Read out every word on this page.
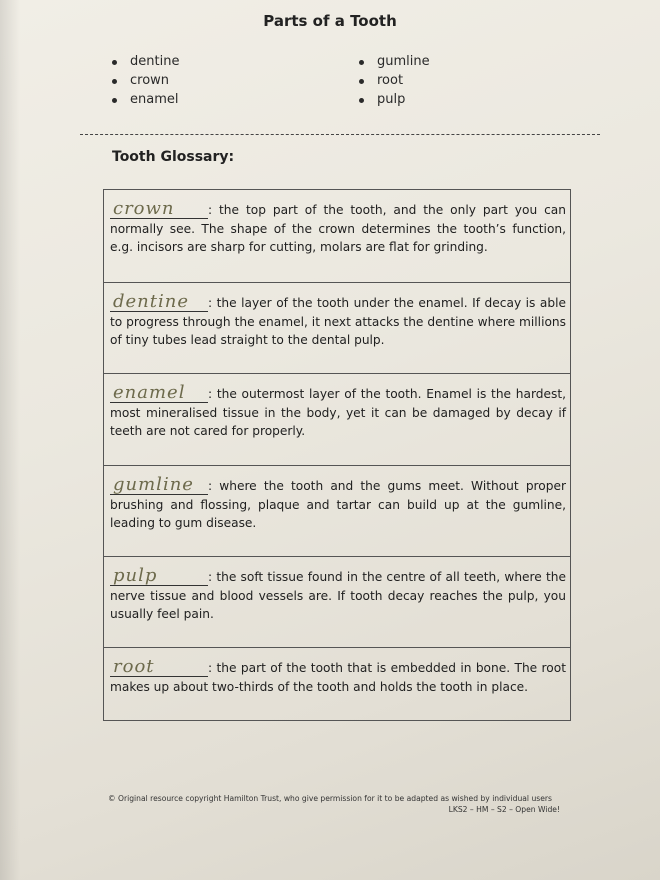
Parts of a Tooth
dentine
crown
enamel
gumline
root
pulp
Tooth Glossary:
crown	: the top part of the tooth, and the only part you can normally see. The shape of the crown determines the tooth’s function, e.g. incisors are sharp for cutting, molars are flat for grinding.
dentine : the layer of the tooth under the enamel. If decay is able to progress through the enamel, it next attacks the dentine where millions of tiny tubes lead straight to the dental pulp.
enamel : the outermost layer of the tooth. Enamel is the hardest, most mineralised tissue in the body, yet it can be damaged by decay if teeth are not cared for properly.
gumline : where the tooth and the gums meet. Without proper brushing and flossing, plaque and tartar can build up at the gumline, leading to gum disease.
pulp	: the soft tissue found in the centre of all teeth, where the nerve tissue and blood vessels are. If tooth decay reaches the pulp, you usually feel pain.
root	: the part of the tooth that is embedded in bone. The root makes up about two-thirds of the tooth and holds the tooth in place.
© Original resource copyright Hamilton Trust, who give permission for it to be adapted as wished by individual users
LKS2 – HM – S2 – Open Wide!
